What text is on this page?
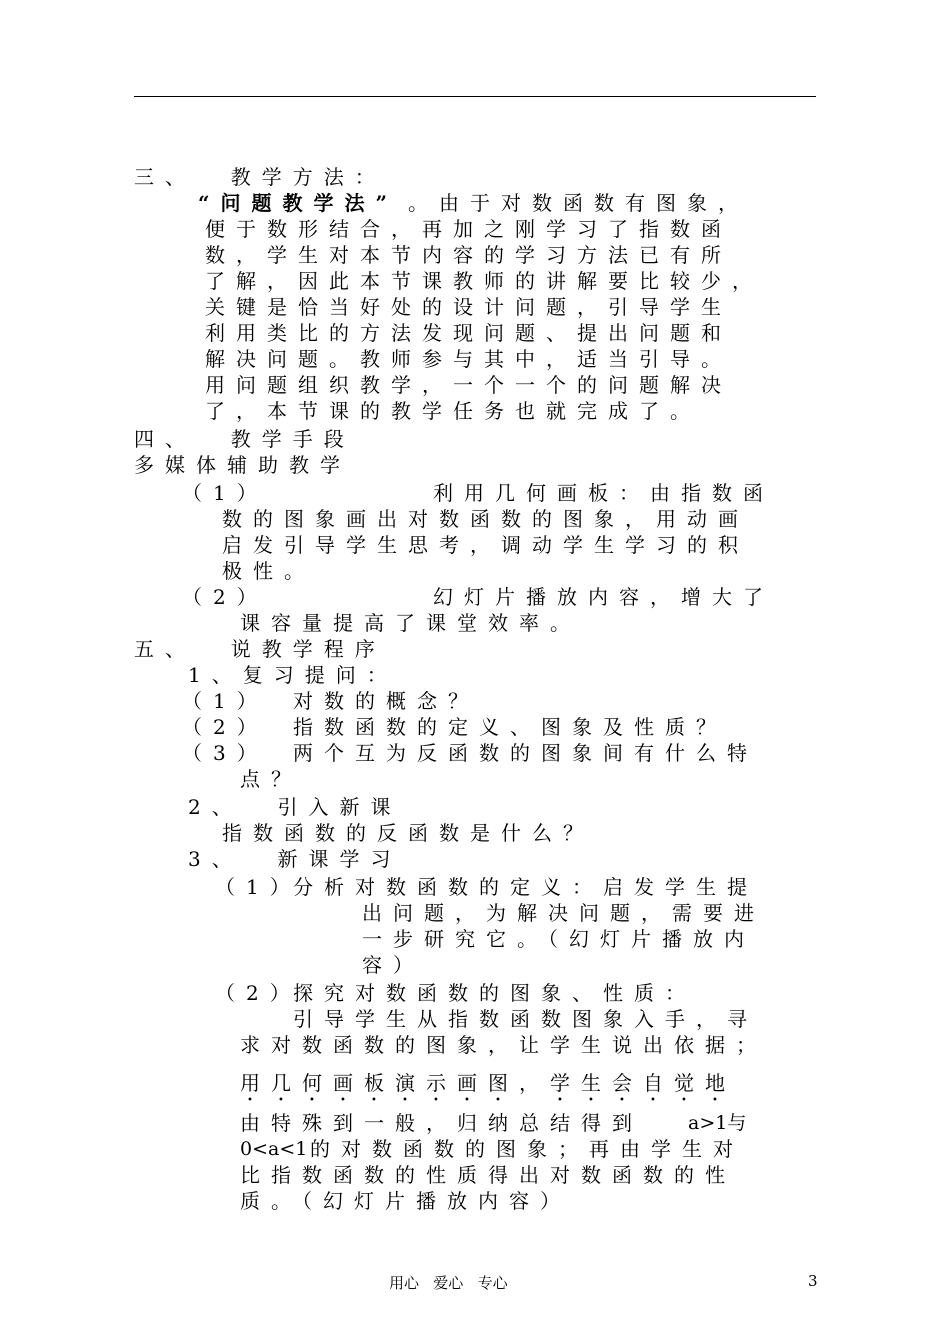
三、  教学方法：
“问题教学法” 。由于对数函数有图象，
便于数形结合，再加之刚学习了指数函
数，学生对本节内容的学习方法已有所
了解，因此本节课教师的讲解要比较少，
关键是恰当好处的设计问题，引导学生
利用类比的方法发现问题、提出问题和
解决问题。教师参与其中，适当引导。
用问题组织教学，一个一个的问题解决
了，本节课的教学任务也就完成了。
四、  教学手段
多媒体辅助教学
（1）	利用几何画板：由指数函
数的图象画出对数函数的图象，用动画
启发引导学生思考，调动学生学习的积
极性。
（2）	幻灯片播放内容，增大了
课容量提高了课堂效率。
五、  说教学程序
1、复习提问：
（1） 对数的概念？
（2） 指数函数的定义、图象及性质？
（3） 两个互为反函数的图象间有什么特
点？
2、  引入新课
指数函数的反函数是什么？
3、  新课学习
（1）
分析对数函数的定义：启发学生提
出问题，为解决问题，需要进
一步研究它。（幻灯片播放内
容）
（2）
探究对数函数的图象、性质：
引导学生从指数函数图象入手，寻
求对数函数的图象，让学生说出依据；
用几何画板演示画图，学生会自觉地
由特殊到一般，归纳总结得到 a>1与
0<a<1 的对数函数的图象；再由学生对
比指数函数的性质得出对数函数的性
质。（幻灯片播放内容）
用心   爱心   专心	3
